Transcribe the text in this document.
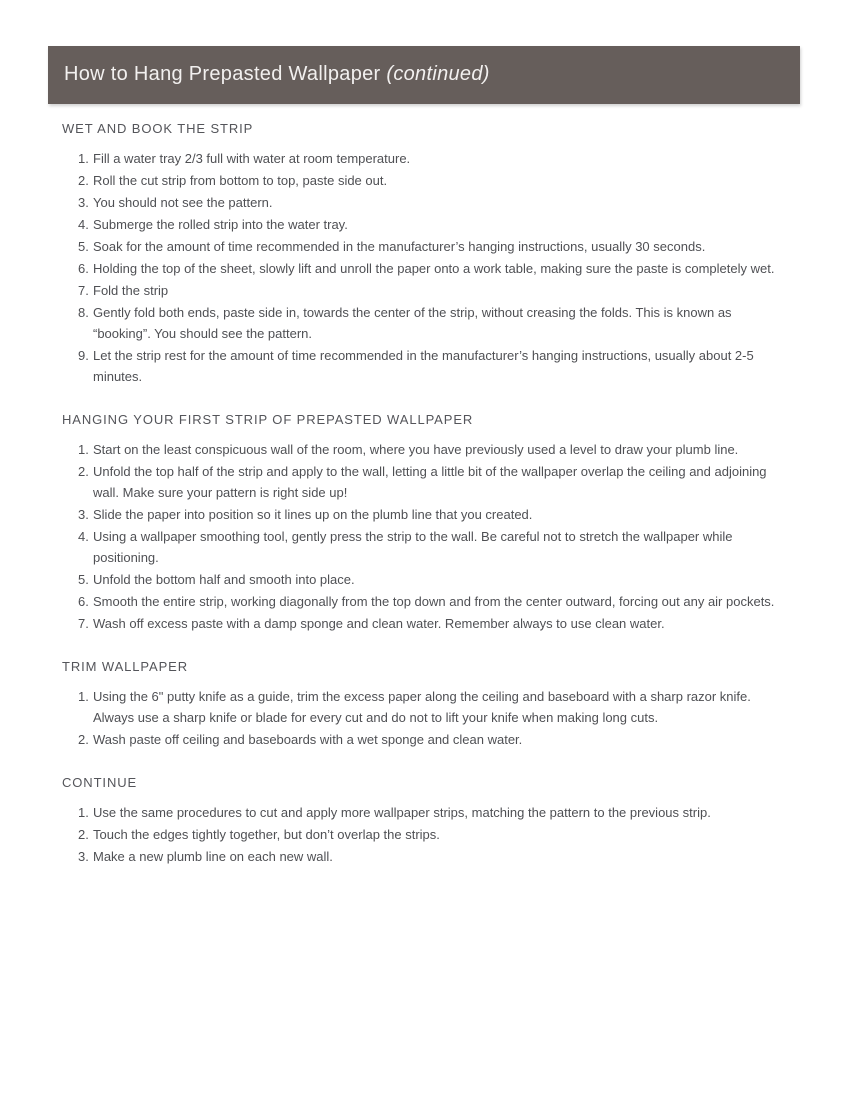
How to Hang Prepasted Wallpaper (continued)
WET AND BOOK THE STRIP
1. Fill a water tray 2/3 full with water at room temperature.
2. Roll the cut strip from bottom to top, paste side out.
3. You should not see the pattern.
4. Submerge the rolled strip into the water tray.
5. Soak for the amount of time recommended in the manufacturer’s hanging instructions, usually 30 seconds.
6. Holding the top of the sheet, slowly lift and unroll the paper onto a work table, making sure the paste is completely wet.
7. Fold the strip
8. Gently fold both ends, paste side in, towards the center of the strip, without creasing the folds. This is known as “booking”. You should see the pattern.
9. Let the strip rest for the amount of time recommended in the manufacturer’s hanging instructions, usually about 2-5 minutes.
HANGING YOUR FIRST STRIP OF PREPASTED WALLPAPER
1. Start on the least conspicuous wall of the room, where you have previously used a level to draw your plumb line.
2. Unfold the top half of the strip and apply to the wall, letting a little bit of the wallpaper overlap the ceiling and adjoining wall. Make sure your pattern is right side up!
3. Slide the paper into position so it lines up on the plumb line that you created.
4. Using a wallpaper smoothing tool, gently press the strip to the wall. Be careful not to stretch the wallpaper while positioning.
5. Unfold the bottom half and smooth into place.
6. Smooth the entire strip, working diagonally from the top down and from the center outward, forcing out any air pockets.
7. Wash off excess paste with a damp sponge and clean water. Remember always to use clean water.
TRIM WALLPAPER
1. Using the 6" putty knife as a guide, trim the excess paper along the ceiling and baseboard with a sharp razor knife. Always use a sharp knife or blade for every cut and do not to lift your knife when making long cuts.
2. Wash paste off ceiling and baseboards with a wet sponge and clean water.
CONTINUE
1. Use the same procedures to cut and apply more wallpaper strips, matching the pattern to the previous strip.
2. Touch the edges tightly together, but don’t overlap the strips.
3. Make a new plumb line on each new wall.
